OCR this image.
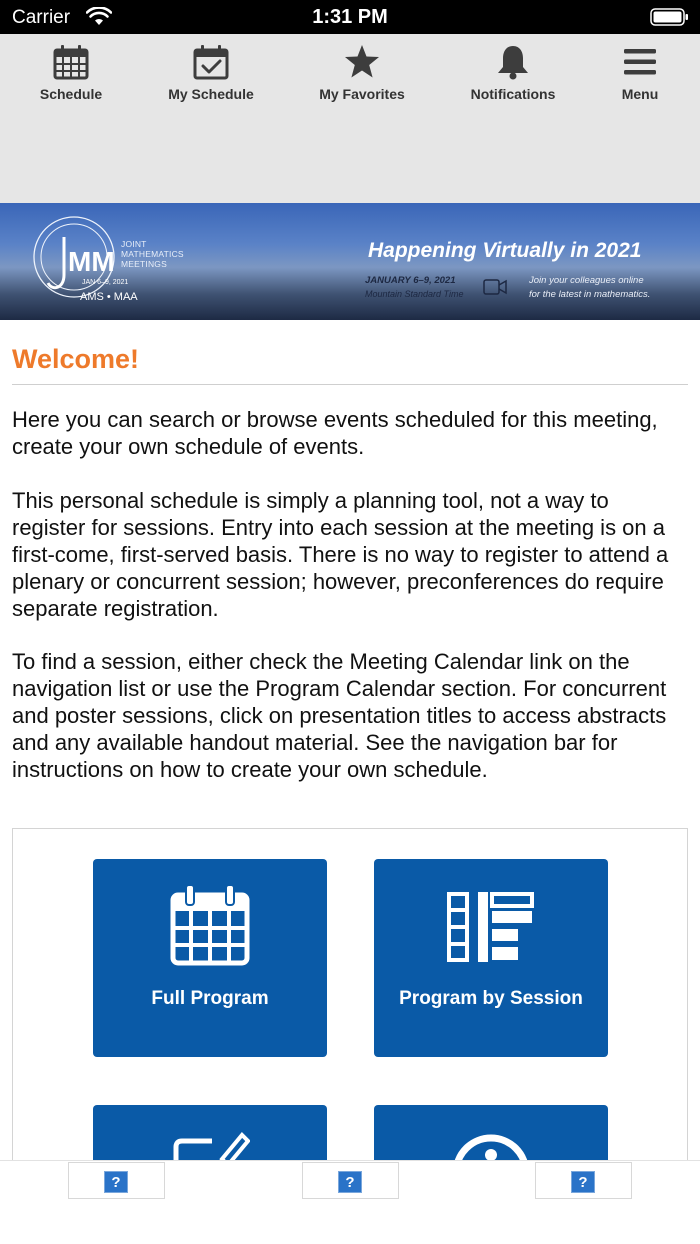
Carrier	1:31 PM
Schedule	My Schedule	My Favorites	Notifications	Menu
MM
JOINT
MATHEMATICS
MEETINGS
JAN 6–9, 2021
AMS • MAA
Happening Virtually in 2021
JANUARY 6–9, 2021
Mountain Standard Time
Join your colleagues online
for the latest in mathematics.
Welcome!

Here you can search or browse events scheduled for this meeting, create your own schedule of events.

This personal schedule is simply a planning tool, not a way to register for sessions. Entry into each session at the meeting is on a first-come, first-served basis. There is no way to register to attend a plenary or concurrent session; however, preconferences do require separate registration.

To find a session, either check the Meeting Calendar link on the navigation list or use the Program Calendar section. For concurrent and poster sessions, click on presentation titles to access abstracts and any available handout material. See the navigation bar for instructions on how to create your own schedule.

Full Program	Program by Session
?	?	?
